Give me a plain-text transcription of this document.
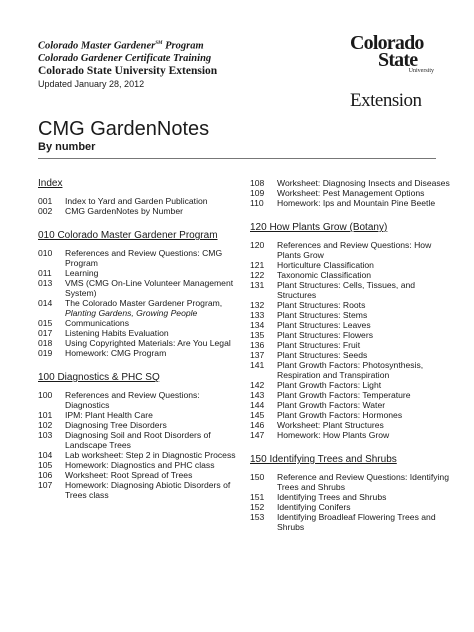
Colorado Master Gardener℠ Program
Colorado Gardener Certificate Training
Colorado State University Extension
Updated January 28, 2012
Colorado
State
University
Extension
CMG GardenNotes
By number
Index
001	Index to Yard and Garden Publication
002	CMG GardenNotes by Number
010 Colorado Master Gardener Program
010	References and Review Questions: CMG Program
011	Learning
013	VMS (CMG On-Line Volunteer Management System)
014	The Colorado Master Gardener Program,
Planting Gardens, Growing People
015	Communications
017	Listening Habits Evaluation
018	Using Copyrighted Materials: Are You Legal
019	Homework: CMG Program
100 Diagnostics & PHC SQ
100	References and Review Questions: Diagnostics
101	IPM: Plant Health Care
102	Diagnosing Tree Disorders
103	Diagnosing Soil and Root Disorders of Landscape Trees
104	Lab worksheet: Step 2 in Diagnostic Process
105	Homework: Diagnostics and PHC class
106	Worksheet: Root Spread of Trees
107	Homework: Diagnosing Abiotic Disorders of Trees class
108	Worksheet: Diagnosing Insects and Diseases
109	Worksheet: Pest Management Options
110	Homework: Ips and Mountain Pine Beetle
120 How Plants Grow (Botany)
120	References and Review Questions: How Plants Grow
121	Horticulture Classification
122	Taxonomic Classification
131	Plant Structures: Cells, Tissues, and Structures
132	Plant Structures: Roots
133	Plant Structures: Stems
134	Plant Structures: Leaves
135	Plant Structures: Flowers
136	Plant Structures: Fruit
137	Plant Structures: Seeds
141	Plant Growth Factors: Photosynthesis, Respiration and Transpiration
142	Plant Growth Factors: Light
143	Plant Growth Factors: Temperature
144	Plant Growth Factors: Water
145	Plant Growth Factors: Hormones
146	Worksheet: Plant Structures
147	Homework: How Plants Grow
150 Identifying Trees and Shrubs
150	Reference and Review Questions: Identifying Trees and Shrubs
151	Identifying Trees and Shrubs
152	Identifying Conifers
153	Identifying Broadleaf Flowering Trees and Shrubs
